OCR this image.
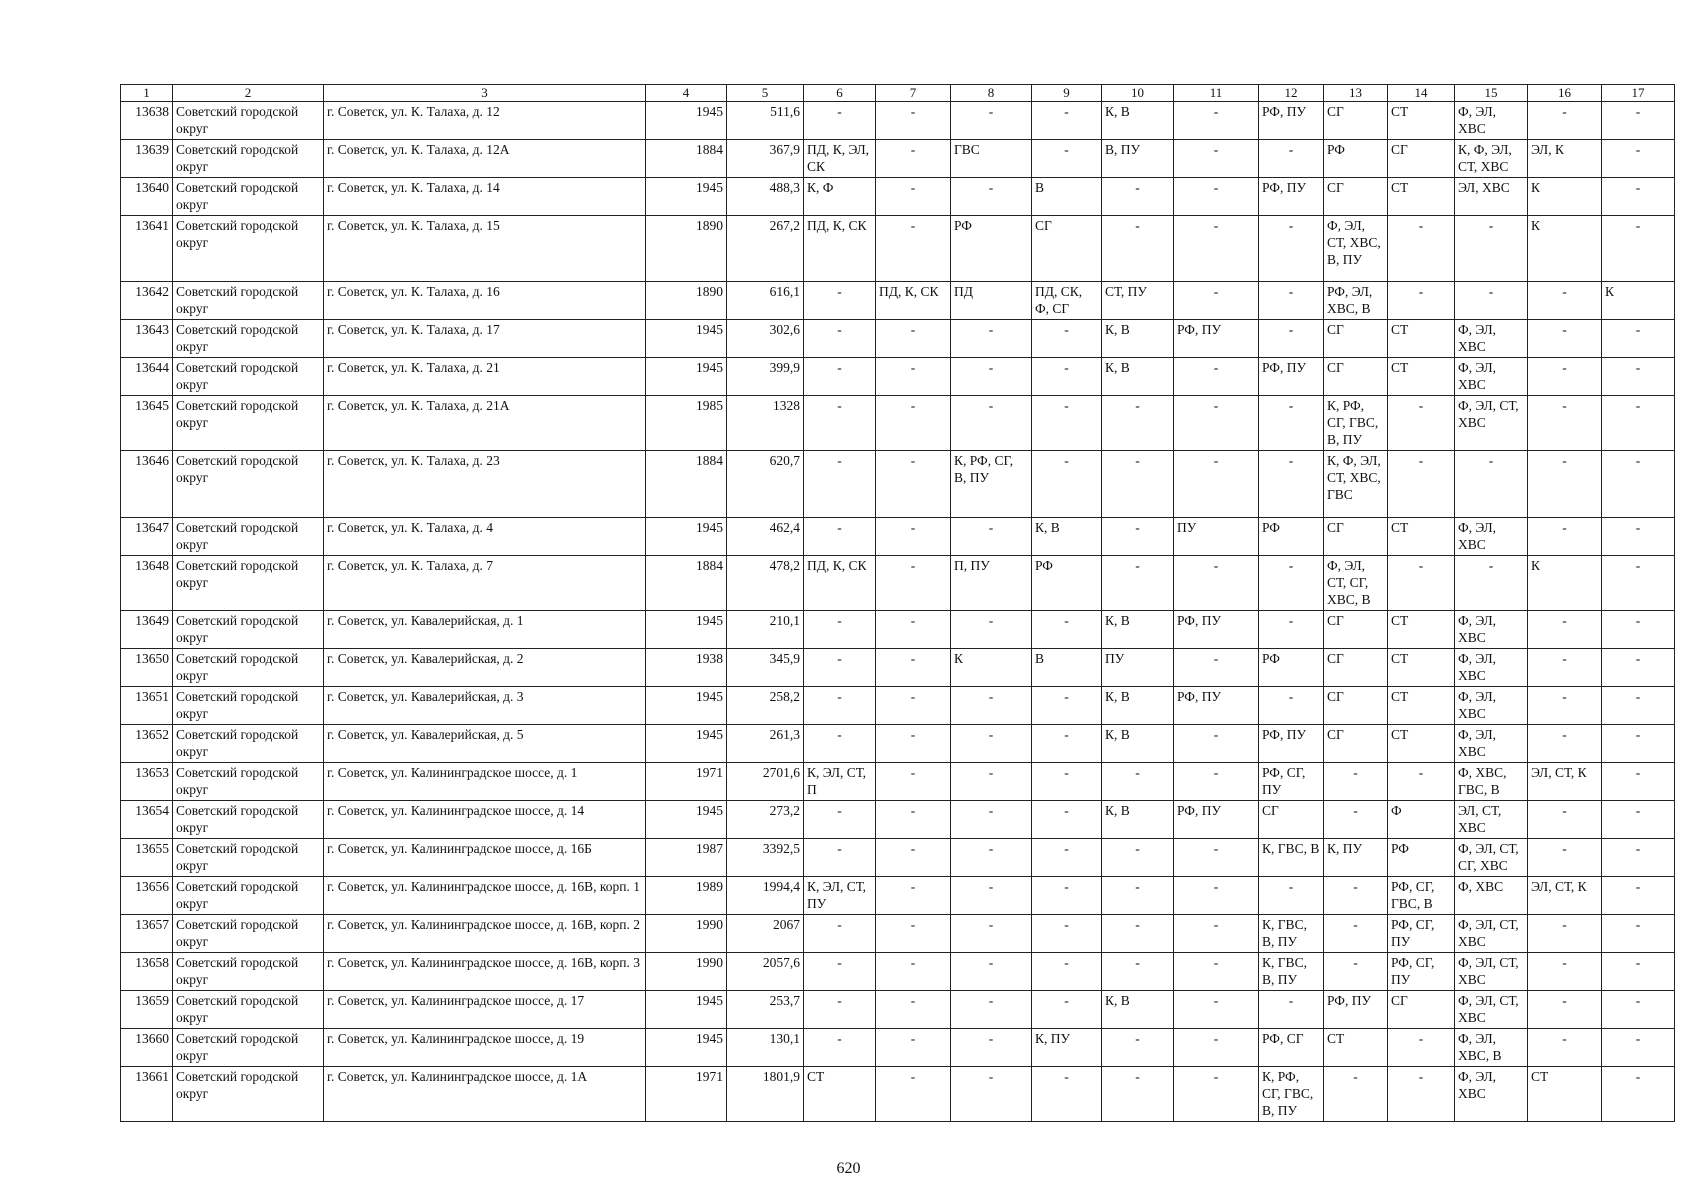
1	2	3	4	5	6	7	8	9	10	11	12	13	14	15	16	17
13638	Советский городской округ	г. Советск, ул. К. Талаха, д. 12	1945	511,6	-	-	-	-	К, В	-	РФ, ПУ	СГ	СТ	Ф, ЭЛ, ХВС	-	-
13639	Советский городской округ	г. Советск, ул. К. Талаха, д. 12А	1884	367,9	ПД, К, ЭЛ, СК	-	ГВС	-	В, ПУ	-	-	РФ	СГ	К, Ф, ЭЛ, СТ, ХВС	ЭЛ, К	-
13640	Советский городской округ	г. Советск, ул. К. Талаха, д. 14	1945	488,3	К, Ф	-	-	В	-	-	РФ, ПУ	СГ	СТ	ЭЛ, ХВС	К	-
13641	Советский городской округ	г. Советск, ул. К. Талаха, д. 15	1890	267,2	ПД, К, СК	-	РФ	СГ	-	-	-	Ф, ЭЛ, СТ, ХВС, В, ПУ	-	-	К	-
13642	Советский городской округ	г. Советск, ул. К. Талаха, д. 16	1890	616,1	-	ПД, К, СК	ПД	ПД, СК, Ф, СГ	СТ, ПУ	-	-	РФ, ЭЛ, ХВС, В	-	-	-	К
13643	Советский городской округ	г. Советск, ул. К. Талаха, д. 17	1945	302,6	-	-	-	-	К, В	РФ, ПУ	-	СГ	СТ	Ф, ЭЛ, ХВС	-	-
13644	Советский городской округ	г. Советск, ул. К. Талаха, д. 21	1945	399,9	-	-	-	-	К, В	-	РФ, ПУ	СГ	СТ	Ф, ЭЛ, ХВС	-	-
13645	Советский городской округ	г. Советск, ул. К. Талаха, д. 21А	1985	1328	-	-	-	-	-	-	-	К, РФ, СГ, ГВС, В, ПУ	-	Ф, ЭЛ, СТ, ХВС	-	-
13646	Советский городской округ	г. Советск, ул. К. Талаха, д. 23	1884	620,7	-	-	К, РФ, СГ, В, ПУ	-	-	-	-	К, Ф, ЭЛ, СТ, ХВС, ГВС	-	-	-	-
13647	Советский городской округ	г. Советск, ул. К. Талаха, д. 4	1945	462,4	-	-	-	К, В	-	ПУ	РФ	СГ	СТ	Ф, ЭЛ, ХВС	-	-
13648	Советский городской округ	г. Советск, ул. К. Талаха, д. 7	1884	478,2	ПД, К, СК	-	П, ПУ	РФ	-	-	-	Ф, ЭЛ, СТ, СГ, ХВС, В	-	-	К	-
13649	Советский городской округ	г. Советск, ул. Кавалерийская, д. 1	1945	210,1	-	-	-	-	К, В	РФ, ПУ	-	СГ	СТ	Ф, ЭЛ, ХВС	-	-
13650	Советский городской округ	г. Советск, ул. Кавалерийская, д. 2	1938	345,9	-	-	К	В	ПУ	-	РФ	СГ	СТ	Ф, ЭЛ, ХВС	-	-
13651	Советский городской округ	г. Советск, ул. Кавалерийская, д. 3	1945	258,2	-	-	-	-	К, В	РФ, ПУ	-	СГ	СТ	Ф, ЭЛ, ХВС	-	-
13652	Советский городской округ	г. Советск, ул. Кавалерийская, д. 5	1945	261,3	-	-	-	-	К, В	-	РФ, ПУ	СГ	СТ	Ф, ЭЛ, ХВС	-	-
13653	Советский городской округ	г. Советск, ул. Калининградское шоссе, д. 1	1971	2701,6	К, ЭЛ, СТ, П	-	-	-	-	-	РФ, СГ, ПУ	-	-	Ф, ХВС, ГВС, В	ЭЛ, СТ, К	-
13654	Советский городской округ	г. Советск, ул. Калининградское шоссе, д. 14	1945	273,2	-	-	-	-	К, В	РФ, ПУ	СГ	-	Ф	ЭЛ, СТ, ХВС	-	-
13655	Советский городской округ	г. Советск, ул. Калининградское шоссе, д. 16Б	1987	3392,5	-	-	-	-	-	-	К, ГВС, В	К, ПУ	РФ	Ф, ЭЛ, СТ, СГ, ХВС	-	-
13656	Советский городской округ	г. Советск, ул. Калининградское шоссе, д. 16В, корп. 1	1989	1994,4	К, ЭЛ, СТ, ПУ	-	-	-	-	-	-	-	РФ, СГ, ГВС, В	Ф, ХВС	ЭЛ, СТ, К	-
13657	Советский городской округ	г. Советск, ул. Калининградское шоссе, д. 16В, корп. 2	1990	2067	-	-	-	-	-	-	К, ГВС, В, ПУ	-	РФ, СГ, ПУ	Ф, ЭЛ, СТ, ХВС	-	-
13658	Советский городской округ	г. Советск, ул. Калининградское шоссе, д. 16В, корп. 3	1990	2057,6	-	-	-	-	-	-	К, ГВС, В, ПУ	-	РФ, СГ, ПУ	Ф, ЭЛ, СТ, ХВС	-	-
13659	Советский городской округ	г. Советск, ул. Калининградское шоссе, д. 17	1945	253,7	-	-	-	-	К, В	-	-	РФ, ПУ	СГ	Ф, ЭЛ, СТ, ХВС	-	-
13660	Советский городской округ	г. Советск, ул. Калининградское шоссе, д. 19	1945	130,1	-	-	-	К, ПУ	-	-	РФ, СГ	СТ	-	Ф, ЭЛ, ХВС, В	-	-
13661	Советский городской округ	г. Советск, ул. Калининградское шоссе, д. 1А	1971	1801,9	СТ	-	-	-	-	-	К, РФ, СГ, ГВС, В, ПУ	-	-	Ф, ЭЛ, ХВС	СТ	-
620
